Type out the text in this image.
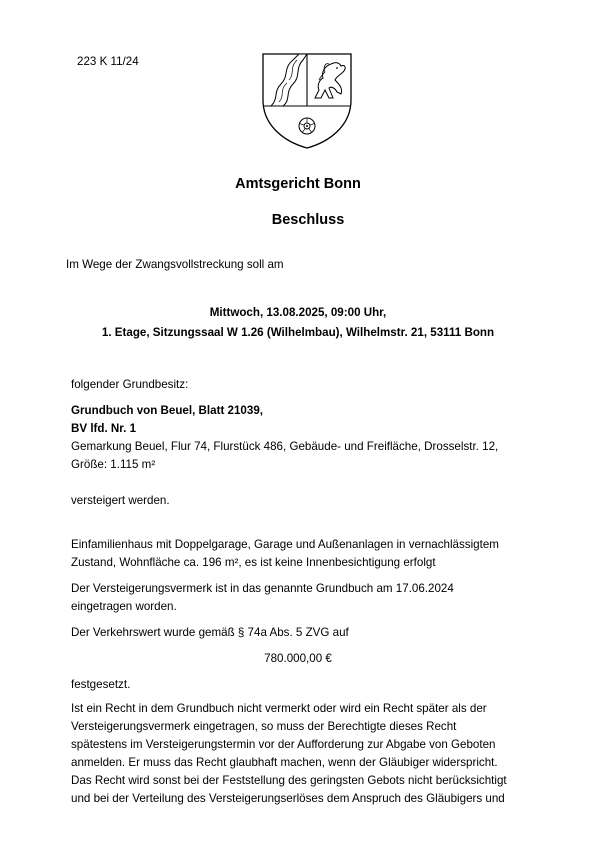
223 K 11/24
Amtsgericht Bonn
Beschluss
Im Wege der Zwangsvollstreckung soll am
Mittwoch, 13.08.2025, 09:00 Uhr,
1. Etage, Sitzungssaal W 1.26 (Wilhelmbau), Wilhelmstr. 21, 53111 Bonn
folgender Grundbesitz:
Grundbuch von Beuel, Blatt 21039,
BV lfd. Nr. 1
Gemarkung Beuel, Flur 74, Flurstück 486, Gebäude- und Freifläche, Drosselstr. 12,
Größe: 1.115 m²
versteigert werden.
Einfamilienhaus mit Doppelgarage, Garage und Außenanlagen in vernachlässigtem
Zustand, Wohnfläche ca. 196 m², es ist keine Innenbesichtigung erfolgt
Der Versteigerungsvermerk ist in das genannte Grundbuch am 17.06.2024
eingetragen worden.
Der Verkehrswert wurde gemäß § 74a Abs. 5 ZVG auf
780.000,00 €
festgesetzt.
Ist ein Recht in dem Grundbuch nicht vermerkt oder wird ein Recht später als der
Versteigerungsvermerk eingetragen, so muss der Berechtigte dieses Recht
spätestens im Versteigerungstermin vor der Aufforderung zur Abgabe von Geboten
anmelden. Er muss das Recht glaubhaft machen, wenn der Gläubiger widerspricht.
Das Recht wird sonst bei der Feststellung des geringsten Gebots nicht berücksichtigt
und bei der Verteilung des Versteigerungserlöses dem Anspruch des Gläubigers und
